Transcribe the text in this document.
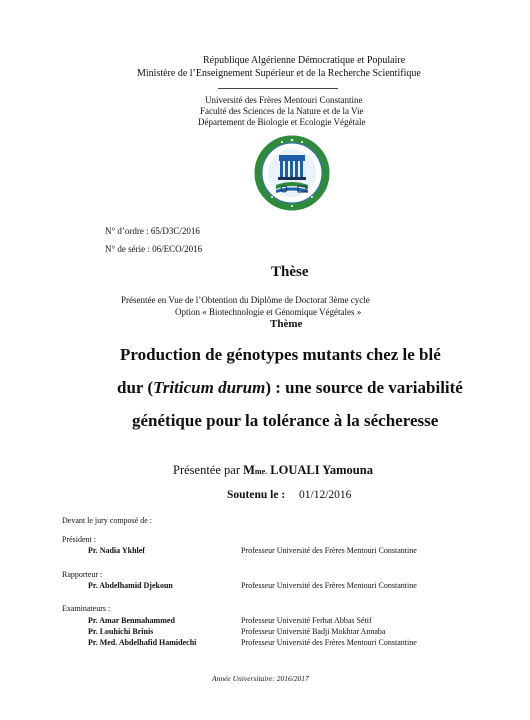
République Algérienne Démocratique et Populaire
Ministère de l’Enseignement Supérieur et de la Recherche Scientifique
Université des Frères Mentouri Constantine
Faculté des Sciences de la Nature et de la Vie
Département de Biologie et Ecologie Végétale
N° d’ordre : 65/D3C/2016
N° de série : 06/ECO/2016
Thèse
Présentée en Vue de l’Obtention du Diplôme de Doctorat 3ème cycle
Option « Biotechnologie et Génomique Végétales »
Thème
Production de génotypes mutants chez le blé
dur (Triticum durum) : une source de variabilité
génétique pour la tolérance à la sécheresse
Présentée par Mme. LOUALI Yamouna
Soutenu le : 01/12/2016
Devant le jury composé de :
Président :
Pr. Nadia Ykhlef	Professeur Université des Frères Mentouri Constantine
Rapporteur :
Pr. Abdelhamid Djekoun	Professeur Université des Frères Mentouri Constantine
Examinateurs :
Pr. Amar Benmahammed	Professeur Université Ferhat Abbas Sétif
Pr. Louhichi Brinis	Professeur Université Badji Mokhtar Annaba
Pr. Med. Abdelhafid Hamidechi	Professeur Université des Frères Mentouri Constantine
Année Universitaire: 2016/2017
